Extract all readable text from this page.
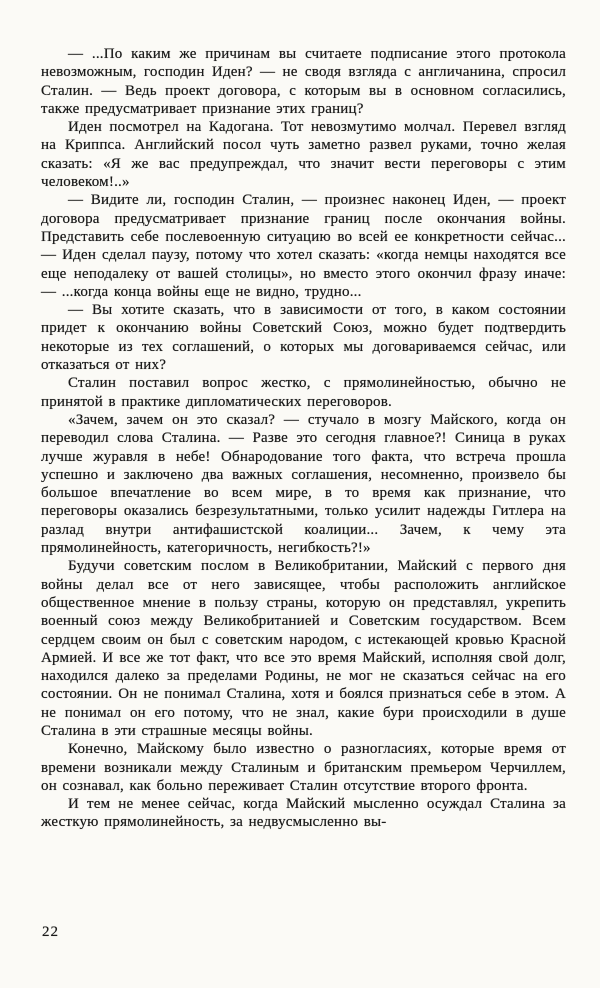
— ...По каким же причинам вы считаете подписание этого протокола невозможным, господин Иден? — не сводя взгляда с англичанина, спросил Сталин. — Ведь проект договора, с которым вы в основном согласились, также предусматривает признание этих границ?

Иден посмотрел на Кадогана. Тот невозмутимо молчал. Перевел взгляд на Криппса. Английский посол чуть заметно развел руками, точно желая сказать: «Я же вас предупреждал, что значит вести переговоры с этим человеком!..»

— Видите ли, господин Сталин, — произнес наконец Иден, — проект договора предусматривает признание границ после окончания войны. Представить себе послевоенную ситуацию во всей ее конкретности сейчас... — Иден сделал паузу, потому что хотел сказать: «когда немцы находятся все еще неподалеку от вашей столицы», но вместо этого окончил фразу иначе: — ...когда конца войны еще не видно, трудно...

— Вы хотите сказать, что в зависимости от того, в каком состоянии придет к окончанию войны Советский Союз, можно будет подтвердить некоторые из тех соглашений, о которых мы договариваемся сейчас, или отказаться от них?

Сталин поставил вопрос жестко, с прямолинейностью, обычно не принятой в практике дипломатических переговоров.

«Зачем, зачем он это сказал? — стучало в мозгу Майского, когда он переводил слова Сталина. — Разве это сегодня главное?! Синица в руках лучше журавля в небе! Обнародование того факта, что встреча прошла успешно и заключено два важных соглашения, несомненно, произвело бы большое впечатление во всем мире, в то время как признание, что переговоры оказались безрезультатными, только усилит надежды Гитлера на разлад внутри антифашистской коалиции... Зачем, к чему эта прямолинейность, категоричность, негибкость?!»

Будучи советским послом в Великобритании, Майский с первого дня войны делал все от него зависящее, чтобы расположить английское общественное мнение в пользу страны, которую он представлял, укрепить военный союз между Великобританией и Советским государством. Всем сердцем своим он был с советским народом, с истекающей кровью Красной Армией. И все же тот факт, что все это время Майский, исполняя свой долг, находился далеко за пределами Родины, не мог не сказаться сейчас на его состоянии. Он не понимал Сталина, хотя и боялся признаться себе в этом. А не понимал он его потому, что не знал, какие бури происходили в душе Сталина в эти страшные месяцы войны.

Конечно, Майскому было известно о разногласиях, которые время от времени возникали между Сталиным и британским премьером Черчиллем, он сознавал, как больно переживает Сталин отсутствие второго фронта.

И тем не менее сейчас, когда Майский мысленно осуждал Сталина за жесткую прямолинейность, за недвусмысленно вы-

22
